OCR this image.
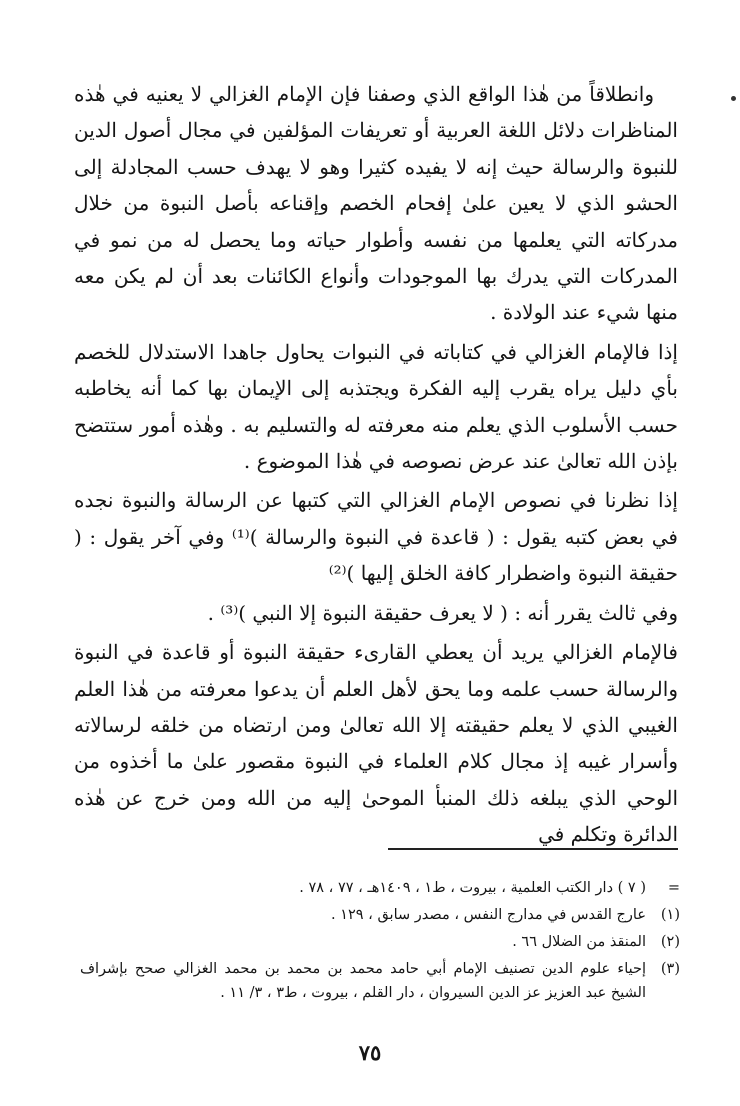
وانطلاقاً من هٰذا الواقع الذي وصفنا فإن الإمام الغزالي لا يعنيه في هٰذه المناظرات دلائل اللغة العربية أو تعريفات المؤلفين في مجال أصول الدين للنبوة والرسالة حيث إنه لا يفيده كثيرا وهو لا يهدف حسب المجادلة إلى الحشو الذي لا يعين علىٰ إفحام الخصم وإقناعه بأصل النبوة من خلال مدركاته التي يعلمها من نفسه وأطوار حياته وما يحصل له من نمو في المدركات التي يدرك بها الموجودات وأنواع الكائنات بعد أن لم يكن معه منها شيء عند الولادة .

إذا فالإمام الغزالي في كتاباته في النبوات يحاول جاهدا الاستدلال للخصم بأي دليل يراه يقرب إليه الفكرة ويجتذبه إلى الإيمان بها كما أنه يخاطبه حسب الأسلوب الذي يعلم منه معرفته له والتسليم به . وهٰذه أمور ستتضح بإذن الله تعالىٰ عند عرض نصوصه في هٰذا الموضوع .

إذا نظرنا في نصوص الإمام الغزالي التي كتبها عن الرسالة والنبوة نجده في بعض كتبه يقول : ( قاعدة في النبوة والرسالة )⁽¹⁾ وفي آخر يقول : ( حقيقة النبوة واضطرار كافة الخلق إليها )⁽²⁾

وفي ثالث يقرر أنه : ( لا يعرف حقيقة النبوة إلا النبي )⁽³⁾ .

فالإمام الغزالي يريد أن يعطي القارىء حقيقة النبوة أو قاعدة في النبوة والرسالة حسب علمه وما يحق لأهل العلم أن يدعوا معرفته من هٰذا العلم الغيبي الذي لا يعلم حقيقته إلا الله تعالىٰ ومن ارتضاه من خلقه لرسالاته وأسرار غيبه إذ مجال كلام العلماء في النبوة مقصور علىٰ ما أخذوه من الوحي الذي يبلغه ذلك المنبأ الموحىٰ إليه من الله ومن خرج عن هٰذه الدائرة وتكلم في

=
( ٧ ) دار الكتب العلمية ، بيروت ، ط١ ، ١٤٠٩هـ ، ٧٧ ، ٧٨ .
(١)
عارج القدس في مدارج النفس ، مصدر سابق ، ١٢٩ .
(٢)
المنقذ من الضلال ٦٦ .
(٣)
إحياء علوم الدين تصنيف الإمام أبي حامد محمد بن محمد بن محمد الغزالي صحح بإشراف الشيخ عبد العزيز عز الدين السيروان ، دار القلم ، بيروت ، ط٣ ، ٣/ ١١ .
٧٥
